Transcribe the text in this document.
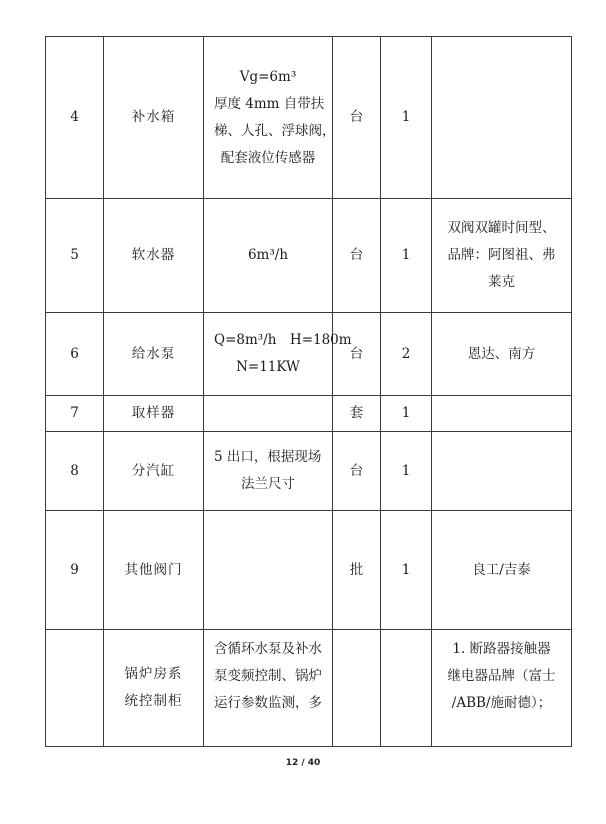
4	补水箱	Vg=6m³
厚度 4mm 自带扶
梯、人孔、浮球阀，
配套液位传感器	台	1	
5	软水器	6m³/h	台	1	双阀双罐时间型、
品牌：阿图祖、弗
莱克

6	给水泵	Q=8m³/h　H=180m
N=11KW	台	2	恩达、南方

7	取样器		套	1	
8	分汽缸	5 出口，根据现场
法兰尺寸	台	1	
9	其他阀门		批	1	良工/吉泰

	锅炉房系
统控制柜	含循环水泵及补水
泵变频控制、锅炉
运行参数监测，多			1. 断路器接触器
继电器品牌（富士
/ABB/施耐德）；
12 / 40
